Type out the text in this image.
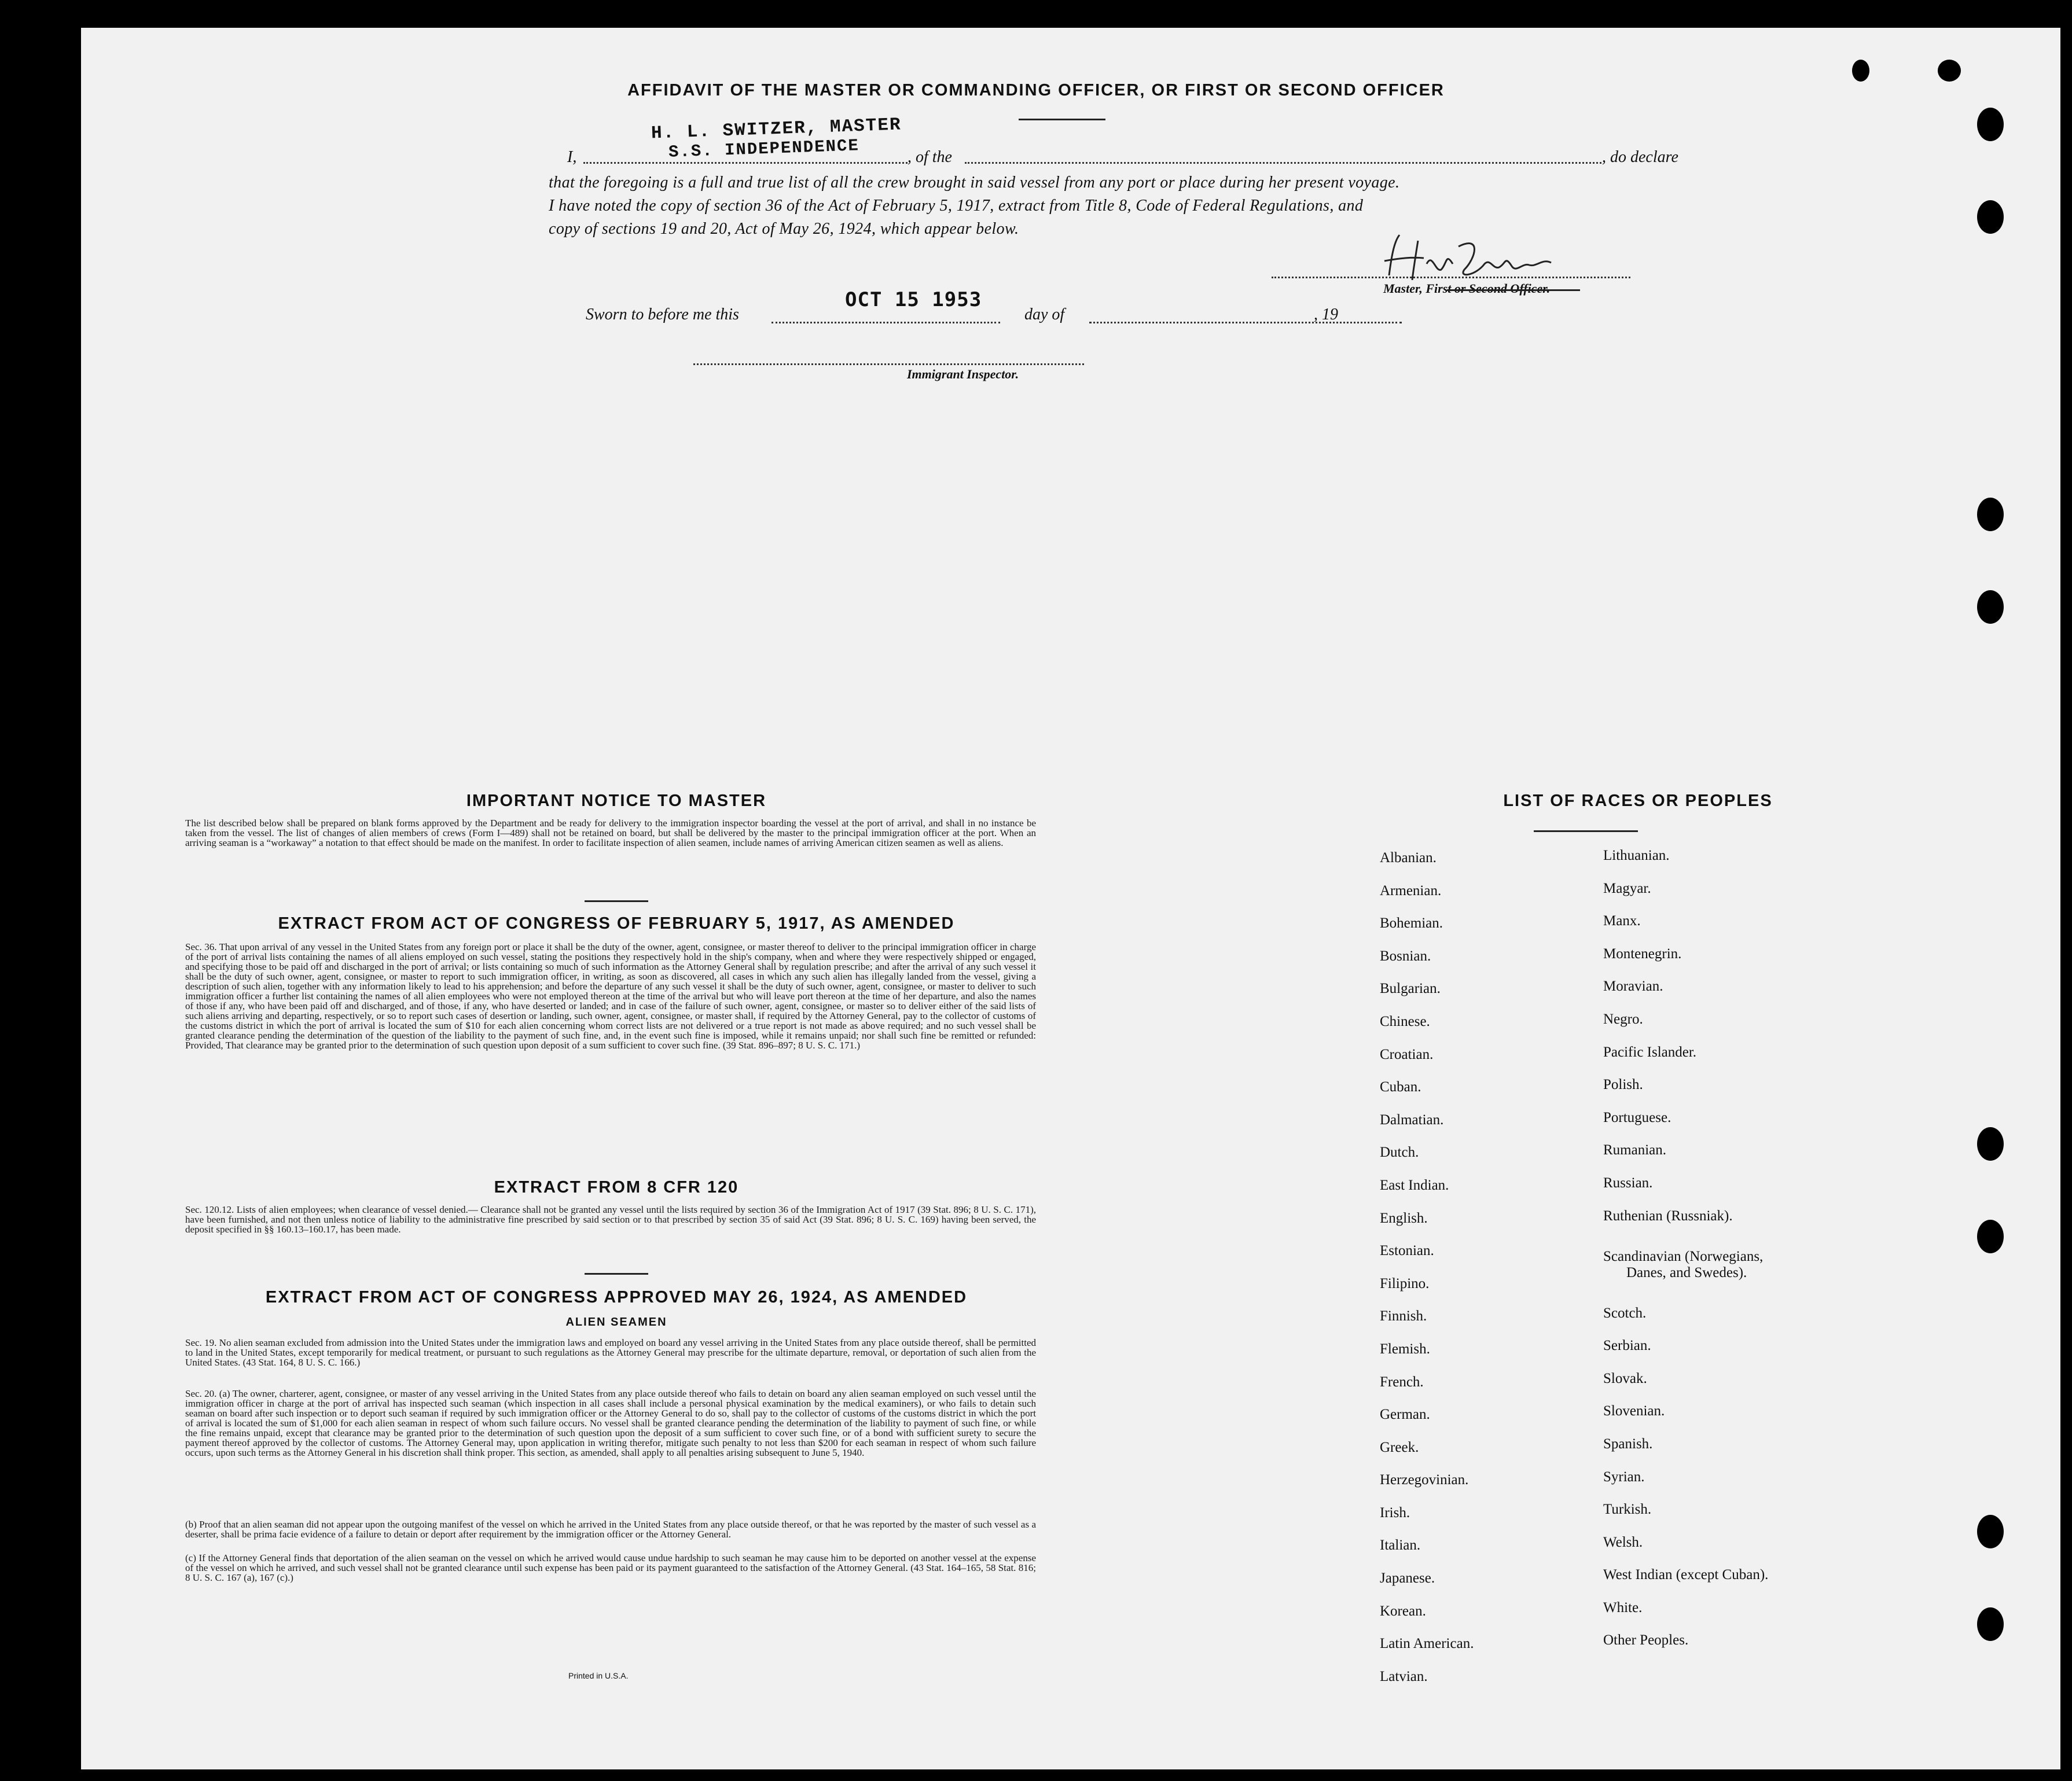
AFFIDAVIT OF THE MASTER OR COMMANDING OFFICER, OR FIRST OR SECOND OFFICER
H. L. SWITZER, MASTER
S.S. INDEPENDENCE
I,	, of the	, do declare
that the foregoing is a full and true list of all the crew brought in said vessel from any port or place during her present voyage.
I have noted the copy of section 36 of the Act of February 5, 1917, extract from Title 8, Code of Federal Regulations, and
copy of sections 19 and 20, Act of May 26, 1924, which appear below.
Master, First or Second Officer.
Sworn to before me this
OCT 15 1953
day of	, 19
Immigrant Inspector.
IMPORTANT NOTICE TO MASTER
The list described below shall be prepared on blank forms approved by the Department and be ready for delivery to the immigration inspector boarding the vessel at the port of arrival, and shall in no instance be taken from the vessel. The list of changes of alien members of crews (Form I—489) shall not be retained on board, but shall be delivered by the master to the principal immigration officer at the port. When an arriving seaman is a “workaway” a notation to that effect should be made on the manifest. In order to facilitate inspection of alien seamen, include names of arriving American citizen seamen as well as aliens.
EXTRACT FROM ACT OF CONGRESS OF FEBRUARY 5, 1917, AS AMENDED
Sec. 36. That upon arrival of any vessel in the United States from any foreign port or place it shall be the duty of the owner, agent, consignee, or master thereof to deliver to the principal immigration officer in charge of the port of arrival lists containing the names of all aliens employed on such vessel, stating the positions they respectively hold in the ship's company, when and where they were respectively shipped or engaged, and specifying those to be paid off and discharged in the port of arrival; or lists containing so much of such information as the Attorney General shall by regulation prescribe; and after the arrival of any such vessel it shall be the duty of such owner, agent, consignee, or master to report to such immigration officer, in writing, as soon as discovered, all cases in which any such alien has illegally landed from the vessel, giving a description of such alien, together with any information likely to lead to his apprehension; and before the departure of any such vessel it shall be the duty of such owner, agent, consignee, or master to deliver to such immigration officer a further list containing the names of all alien employees who were not employed thereon at the time of the arrival but who will leave port thereon at the time of her departure, and also the names of those if any, who have been paid off and discharged, and of those, if any, who have deserted or landed; and in case of the failure of such owner, agent, consignee, or master so to deliver either of the said lists of such aliens arriving and departing, respectively, or so to report such cases of desertion or landing, such owner, agent, consignee, or master shall, if required by the Attorney General, pay to the collector of customs of the customs district in which the port of arrival is located the sum of $10 for each alien concerning whom correct lists are not delivered or a true report is not made as above required; and no such vessel shall be granted clearance pending the determination of the question of the liability to the payment of such fine, and, in the event such fine is imposed, while it remains unpaid; nor shall such fine be remitted or refunded: Provided, That clearance may be granted prior to the determination of such question upon deposit of a sum sufficient to cover such fine. (39 Stat. 896–897; 8 U. S. C. 171.)
EXTRACT FROM 8 CFR 120
Sec. 120.12. Lists of alien employees; when clearance of vessel denied.— Clearance shall not be granted any vessel until the lists required by section 36 of the Immigration Act of 1917 (39 Stat. 896; 8 U. S. C. 171), have been furnished, and not then unless notice of liability to the administrative fine prescribed by said section or to that prescribed by section 35 of said Act (39 Stat. 896; 8 U. S. C. 169) having been served, the deposit specified in §§ 160.13–160.17, has been made.
EXTRACT FROM ACT OF CONGRESS APPROVED MAY 26, 1924, AS AMENDED
ALIEN SEAMEN
Sec. 19. No alien seaman excluded from admission into the United States under the immigration laws and employed on board any vessel arriving in the United States from any place outside thereof, shall be permitted to land in the United States, except temporarily for medical treatment, or pursuant to such regulations as the Attorney General may prescribe for the ultimate departure, removal, or deportation of such alien from the United States. (43 Stat. 164, 8 U. S. C. 166.)
Sec. 20. (a) The owner, charterer, agent, consignee, or master of any vessel arriving in the United States from any place outside thereof who fails to detain on board any alien seaman employed on such vessel until the immigration officer in charge at the port of arrival has inspected such seaman (which inspection in all cases shall include a personal physical examination by the medical examiners), or who fails to detain such seaman on board after such inspection or to deport such seaman if required by such immigration officer or the Attorney General to do so, shall pay to the collector of customs of the customs district in which the port of arrival is located the sum of $1,000 for each alien seaman in respect of whom such failure occurs. No vessel shall be granted clearance pending the determination of the liability to payment of such fine, or while the fine remains unpaid, except that clearance may be granted prior to the determination of such question upon the deposit of a sum sufficient to cover such fine, or of a bond with sufficient surety to secure the payment thereof approved by the collector of customs. The Attorney General may, upon application in writing therefor, mitigate such penalty to not less than $200 for each seaman in respect of whom such failure occurs, upon such terms as the Attorney General in his discretion shall think proper. This section, as amended, shall apply to all penalties arising subsequent to June 5, 1940.
(b) Proof that an alien seaman did not appear upon the outgoing manifest of the vessel on which he arrived in the United States from any place outside thereof, or that he was reported by the master of such vessel as a deserter, shall be prima facie evidence of a failure to detain or deport after requirement by the immigration officer or the Attorney General.
(c) If the Attorney General finds that deportation of the alien seaman on the vessel on which he arrived would cause undue hardship to such seaman he may cause him to be deported on another vessel at the expense of the vessel on which he arrived, and such vessel shall not be granted clearance until such expense has been paid or its payment guaranteed to the satisfaction of the Attorney General. (43 Stat. 164–165, 58 Stat. 816; 8 U. S. C. 167 (a), 167 (c).)
Printed in U.S.A.
LIST OF RACES OR PEOPLES
Albanian.
Armenian.
Bohemian.
Bosnian.
Bulgarian.
Chinese.
Croatian.
Cuban.
Dalmatian.
Dutch.
East Indian.
English.
Estonian.
Filipino.
Finnish.
Flemish.
French.
German.
Greek.
Herzegovinian.
Irish.
Italian.
Japanese.
Korean.
Latin American.
Latvian.
Lithuanian.
Magyar.
Manx.
Montenegrin.
Moravian.
Negro.
Pacific Islander.
Polish.
Portuguese.
Rumanian.
Russian.
Ruthenian (Russniak).
Scandinavian (Norwegians,
Danes, and Swedes).
Scotch.
Serbian.
Slovak.
Slovenian.
Spanish.
Syrian.
Turkish.
Welsh.
West Indian (except Cuban).
White.
Other Peoples.
